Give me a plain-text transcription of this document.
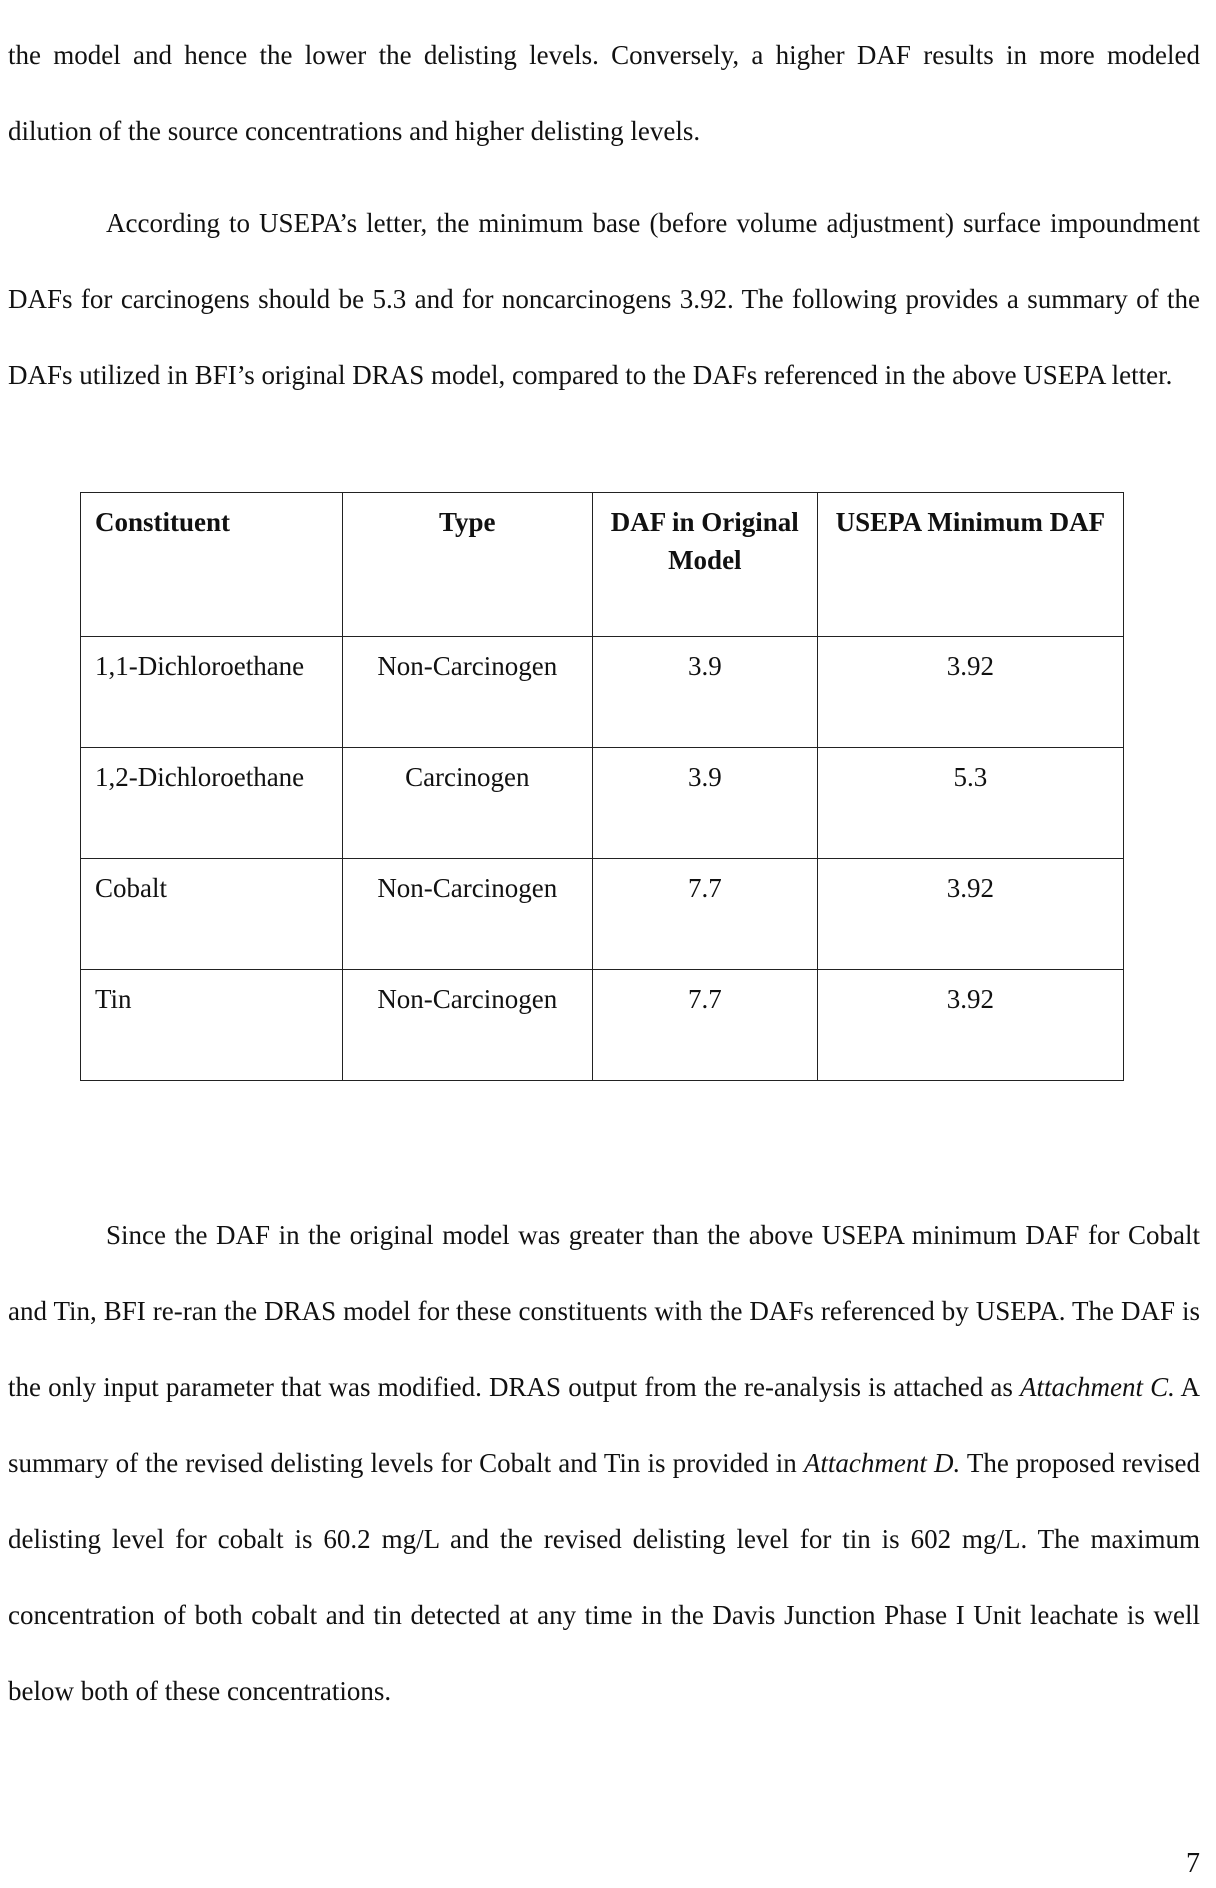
the model and hence the lower the delisting levels. Conversely, a higher DAF results in more modeled dilution of the source concentrations and higher delisting levels.

According to USEPA’s letter, the minimum base (before volume adjustment) surface impoundment DAFs for carcinogens should be 5.3 and for noncarcinogens 3.92. The following provides a summary of the DAFs utilized in BFI’s original DRAS model, compared to the DAFs referenced in the above USEPA letter.

Constituent	Type	DAF in Original Model	USEPA Minimum DAF
1,1-Dichloroethane	Non-Carcinogen	3.9	3.92
1,2-Dichloroethane	Carcinogen	3.9	5.3
Cobalt	Non-Carcinogen	7.7	3.92
Tin	Non-Carcinogen	7.7	3.92

Since the DAF in the original model was greater than the above USEPA minimum DAF for Cobalt and Tin, BFI re-ran the DRAS model for these constituents with the DAFs referenced by USEPA. The DAF is the only input parameter that was modified. DRAS output from the re-analysis is attached as Attachment C. A summary of the revised delisting levels for Cobalt and Tin is provided in Attachment D. The proposed revised delisting level for cobalt is 60.2 mg/L and the revised delisting level for tin is 602 mg/L. The maximum concentration of both cobalt and tin detected at any time in the Davis Junction Phase I Unit leachate is well below both of these concentrations.

7
